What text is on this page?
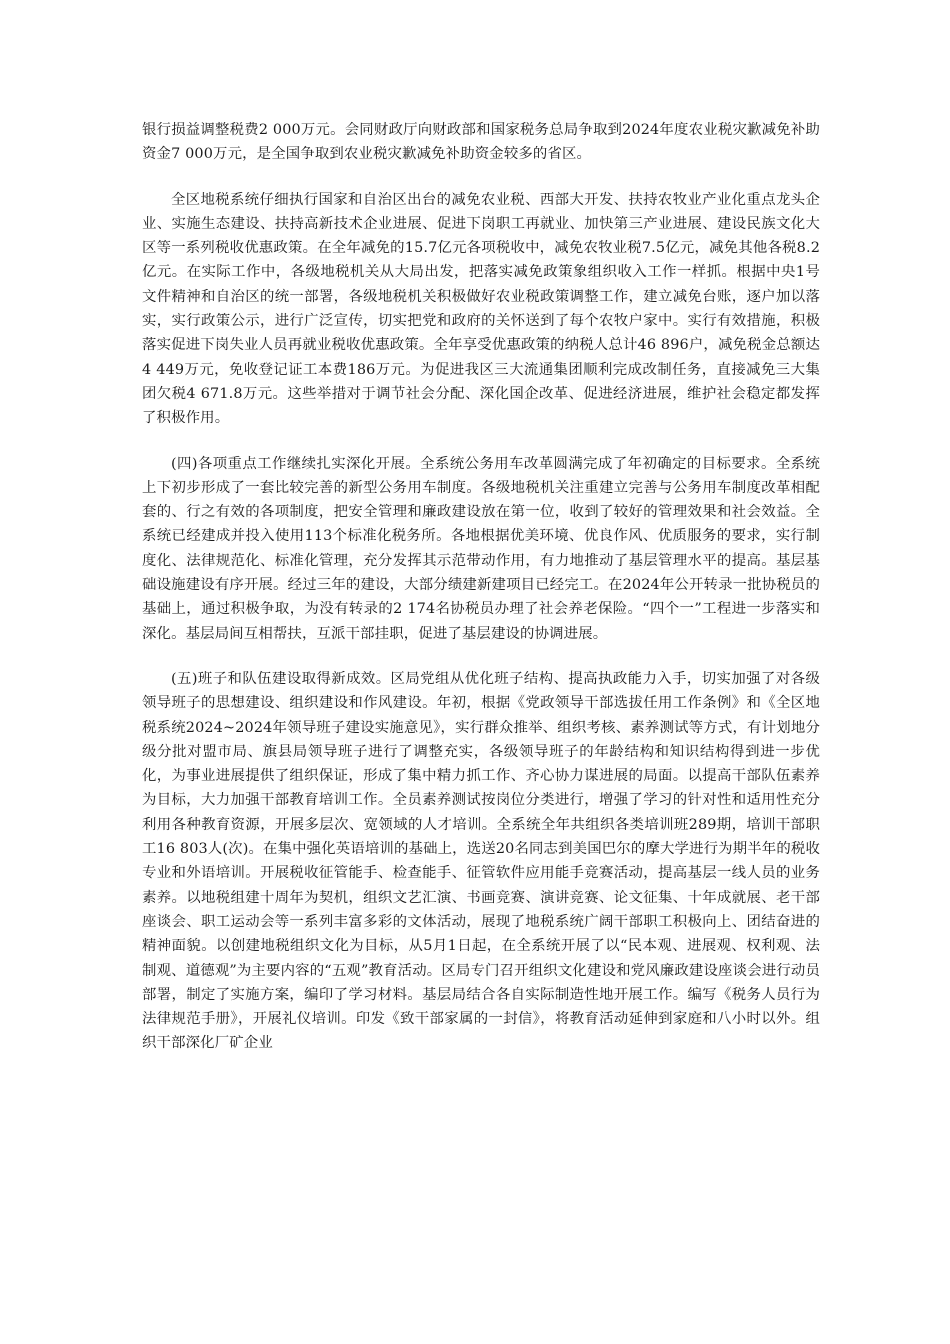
银行损益调整税费2 000万元。会同财政厅向财政部和国家税务总局争取到2024年度农业税灾歉减免补助资金7 000万元，是全国争取到农业税灾歉减免补助资金较多的省区。

全区地税系统仔细执行国家和自治区出台的减免农业税、西部大开发、扶持农牧业产业化重点龙头企业、实施生态建设、扶持高新技术企业进展、促进下岗职工再就业、加快第三产业进展、建设民族文化大区等一系列税收优惠政策。在全年减免的15.7亿元各项税收中，减免农牧业税7.5亿元，减免其他各税8.2亿元。在实际工作中，各级地税机关从大局出发，把落实减免政策象组织收入工作一样抓。根据中央1号文件精神和自治区的统一部署，各级地税机关积极做好农业税政策调整工作，建立减免台账，逐户加以落实，实行政策公示，进行广泛宣传，切实把党和政府的关怀送到了每个农牧户家中。实行有效措施，积极落实促进下岗失业人员再就业税收优惠政策。全年享受优惠政策的纳税人总计46 896户，减免税金总额达4 449万元，免收登记证工本费186万元。为促进我区三大流通集团顺利完成改制任务，直接减免三大集团欠税4 671.8万元。这些举措对于调节社会分配、深化国企改革、促进经济进展，维护社会稳定都发挥了积极作用。

(四)各项重点工作继续扎实深化开展。全系统公务用车改革圆满完成了年初确定的目标要求。全系统上下初步形成了一套比较完善的新型公务用车制度。各级地税机关注重建立完善与公务用车制度改革相配套的、行之有效的各项制度，把安全管理和廉政建设放在第一位，收到了较好的管理效果和社会效益。全系统已经建成并投入使用113个标准化税务所。各地根据优美环境、优良作风、优质服务的要求，实行制度化、法律规范化、标准化管理，充分发挥其示范带动作用，有力地推动了基层管理水平的提高。基层基础设施建设有序开展。经过三年的建设，大部分绩建新建项目已经完工。在2024年公开转录一批协税员的基础上，通过积极争取，为没有转录的2 174名协税员办理了社会养老保险。“四个一”工程进一步落实和深化。基层局间互相帮扶，互派干部挂职，促进了基层建设的协调进展。

(五)班子和队伍建设取得新成效。区局党组从优化班子结构、提高执政能力入手，切实加强了对各级领导班子的思想建设、组织建设和作风建设。年初，根据《党政领导干部选拔任用工作条例》和《全区地税系统2024~2024年领导班子建设实施意见》，实行群众推举、组织考核、素养测试等方式，有计划地分级分批对盟市局、旗县局领导班子进行了调整充实，各级领导班子的年龄结构和知识结构得到进一步优化，为事业进展提供了组织保证，形成了集中精力抓工作、齐心协力谋进展的局面。以提高干部队伍素养为目标，大力加强干部教育培训工作。全员素养测试按岗位分类进行，增强了学习的针对性和适用性充分利用各种教育资源，开展多层次、宽领域的人才培训。全系统全年共组织各类培训班289期，培训干部职工16 803人(次)。在集中强化英语培训的基础上，选送20名同志到美国巴尔的摩大学进行为期半年的税收专业和外语培训。开展税收征管能手、检查能手、征管软件应用能手竞赛活动，提高基层一线人员的业务素养。以地税组建十周年为契机，组织文艺汇演、书画竞赛、演讲竞赛、论文征集、十年成就展、老干部座谈会、职工运动会等一系列丰富多彩的文体活动，展现了地税系统广阔干部职工积极向上、团结奋进的精神面貌。以创建地税组织文化为目标，从5月1日起，在全系统开展了以“民本观、进展观、权利观、法制观、道德观”为主要内容的“五观”教育活动。区局专门召开组织文化建设和党风廉政建设座谈会进行动员部署，制定了实施方案，编印了学习材料。基层局结合各自实际制造性地开展工作。编写《税务人员行为法律规范手册》，开展礼仪培训。印发《致干部家属的一封信》，将教育活动延伸到家庭和八小时以外。组织干部深化厂矿企业
